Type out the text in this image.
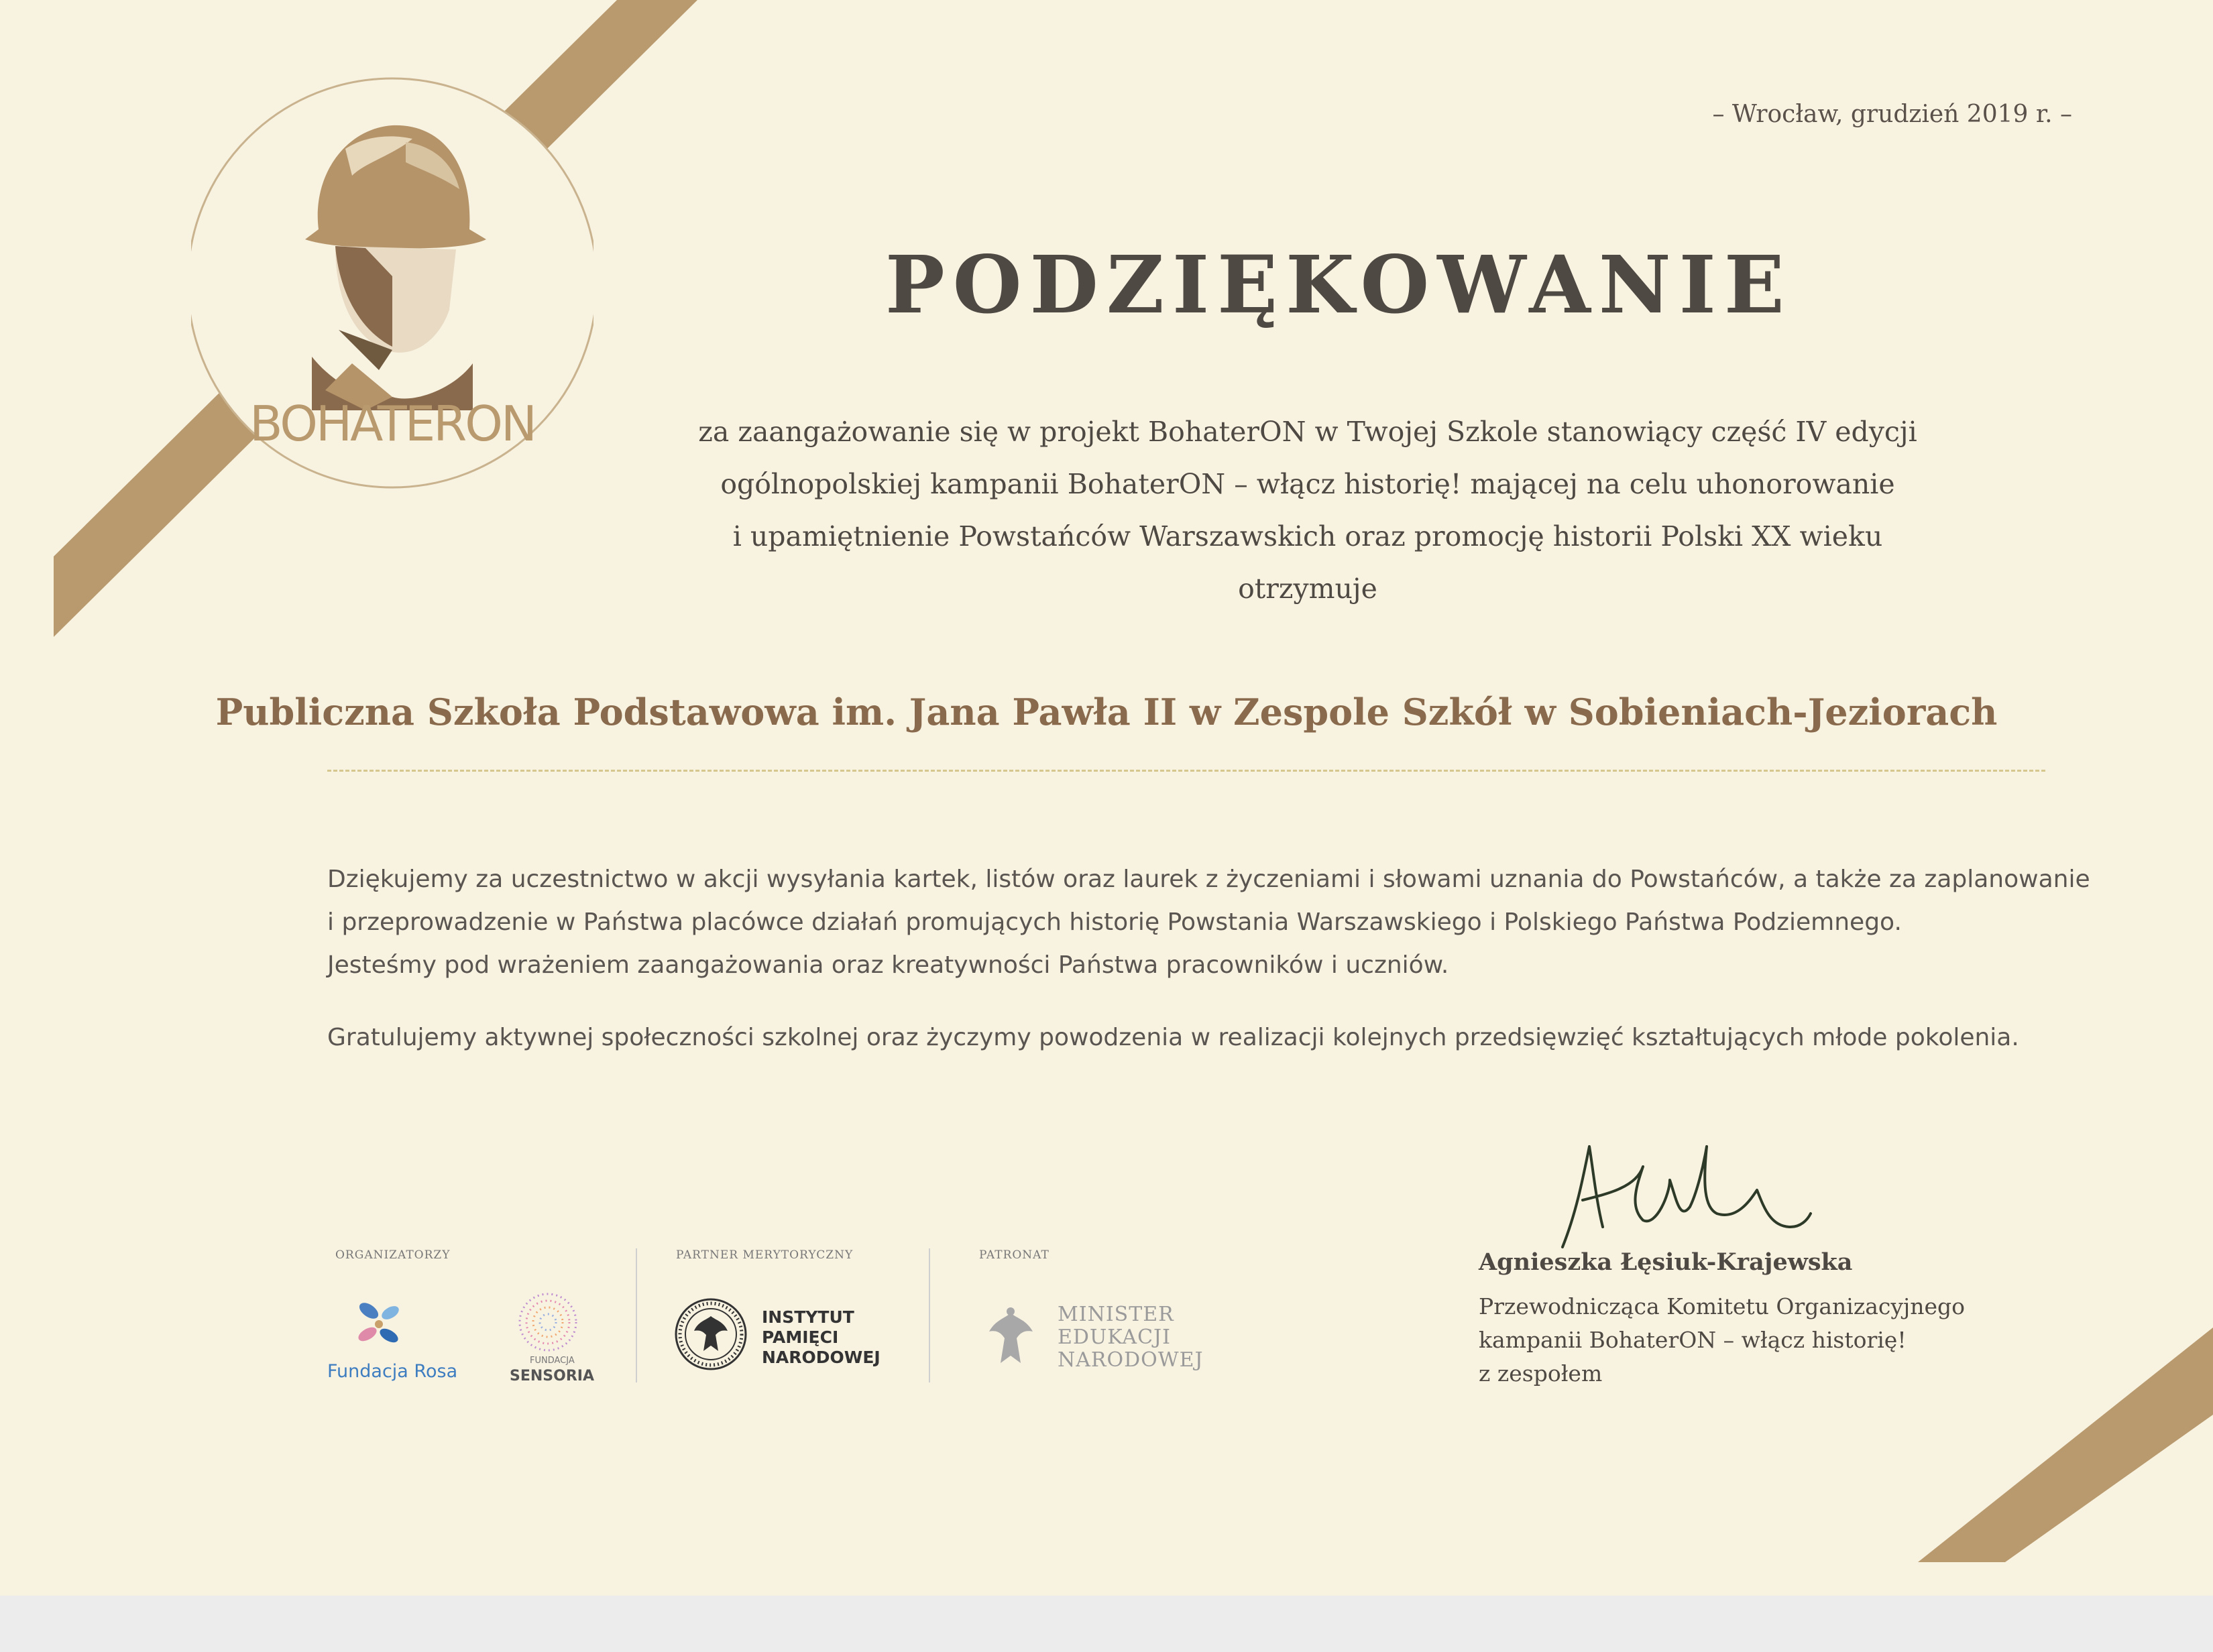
BOHATERON
– Wrocław, grudzień 2019 r. –
PODZIĘKOWANIE
za zaangażowanie się w projekt BohaterON w Twojej Szkole stanowiący część IV edycji
ogólnopolskiej kampanii BohaterON – włącz historię! mającej na celu uhonorowanie
i upamiętnienie Powstańców Warszawskich oraz promocję historii Polski XX wieku
otrzymuje
Publiczna Szkoła Podstawowa im. Jana Pawła II w Zespole Szkół w Sobieniach-Jeziorach
Dziękujemy za uczestnictwo w akcji wysyłania kartek, listów oraz laurek z życzeniami i słowami uznania do Powstańców, a także za zaplanowanie
i przeprowadzenie w Państwa placówce działań promujących historię Powstania Warszawskiego i Polskiego Państwa Podziemnego.
Jesteśmy pod wrażeniem zaangażowania oraz kreatywności Państwa pracowników i uczniów.
Gratulujemy aktywnej społeczności szkolnej oraz życzymy powodzenia w realizacji kolejnych przedsięwzięć kształtujących młode pokolenia.
Agnieszka Łęsiuk-Krajewska
Przewodnicząca Komitetu Organizacyjnego
kampanii BohaterON – włącz historię!
z zespołem
ORGANIZATORZY	PARTNER MERYTORYCZNY	PATRONAT
Fundacja Rosa
FUNDACJA
SENSORIA
INSTYTUT
PAMIĘCI
NARODOWEJ
MINISTER
EDUKACJI
NARODOWEJ
